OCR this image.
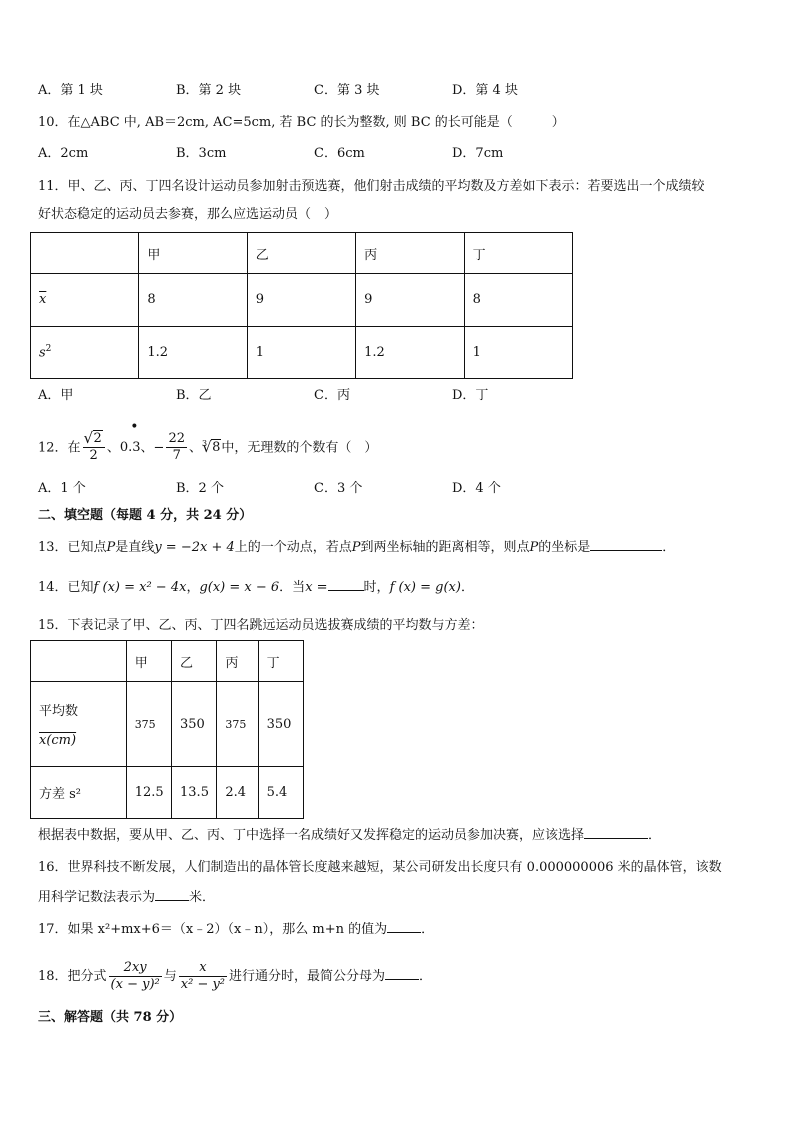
A．第 1 块	B．第 2 块	C．第 3 块	D．第 4 块
10．在△ABC 中, AB＝2cm, AC=5cm, 若 BC 的长为整数, 则 BC 的长可能是（　　　）
A．2cm	B．3cm	C．6cm	D．7cm
11．甲、乙、丙、丁四名设计运动员参加射击预选赛，他们射击成绩的平均数及方差如下表示：若要选出一个成绩较
好状态稳定的运动员去参赛，那么应选运动员（　）
	甲	乙	丙	丁
$\overline{x}$	8	9	9	8
$s^2$	1.2	1	1.2	1
A．甲	B．乙	C．丙	D．丁
12．在 √ $\frac{2}{2}$ 、0.3
•
、− $\frac{22}{7}$ 、$^3$ √ 8中，无理数的个数有（　）
A．1 个	B．2 个	C．3 个	D．4 个
二、填空题（每题 4 分，共 24 分）
13．已知点P是直线y = −2x + 4上的一个动点，若点P到两坐标轴的距离相等，则点P的坐标是	．
14．已知f (x) = x² − 4x，g(x) = x − 6．当x =	时，f (x) = g(x)．
15．下表记录了甲、乙、丙、丁四名跳远运动员选拔赛成绩的平均数与方差：
	甲	乙	丙	丁

平均数
x(cm)	375	350	375	350
方差 s²	12.5	13.5	2.4	5.4
根据表中数据，要从甲、乙、丙、丁中选择一名成绩好又发挥稳定的运动员参加决赛，应该选择	．
16．世界科技不断发展，人们制造出的晶体管长度越来越短，某公司研发出长度只有 0.000000006 米的晶体管，该数
用科学记数法表示为	米．
17．如果 x²+mx+6＝（x﹣2）（x﹣n），那么 m+n 的值为	．
18．把分式 $\frac{2xy}{\text{(x − y)²}}$ 与 $\frac{x}{\text{x² − y²}}$ 进行通分时，最简公分母为	．
三、解答题（共 78 分）
